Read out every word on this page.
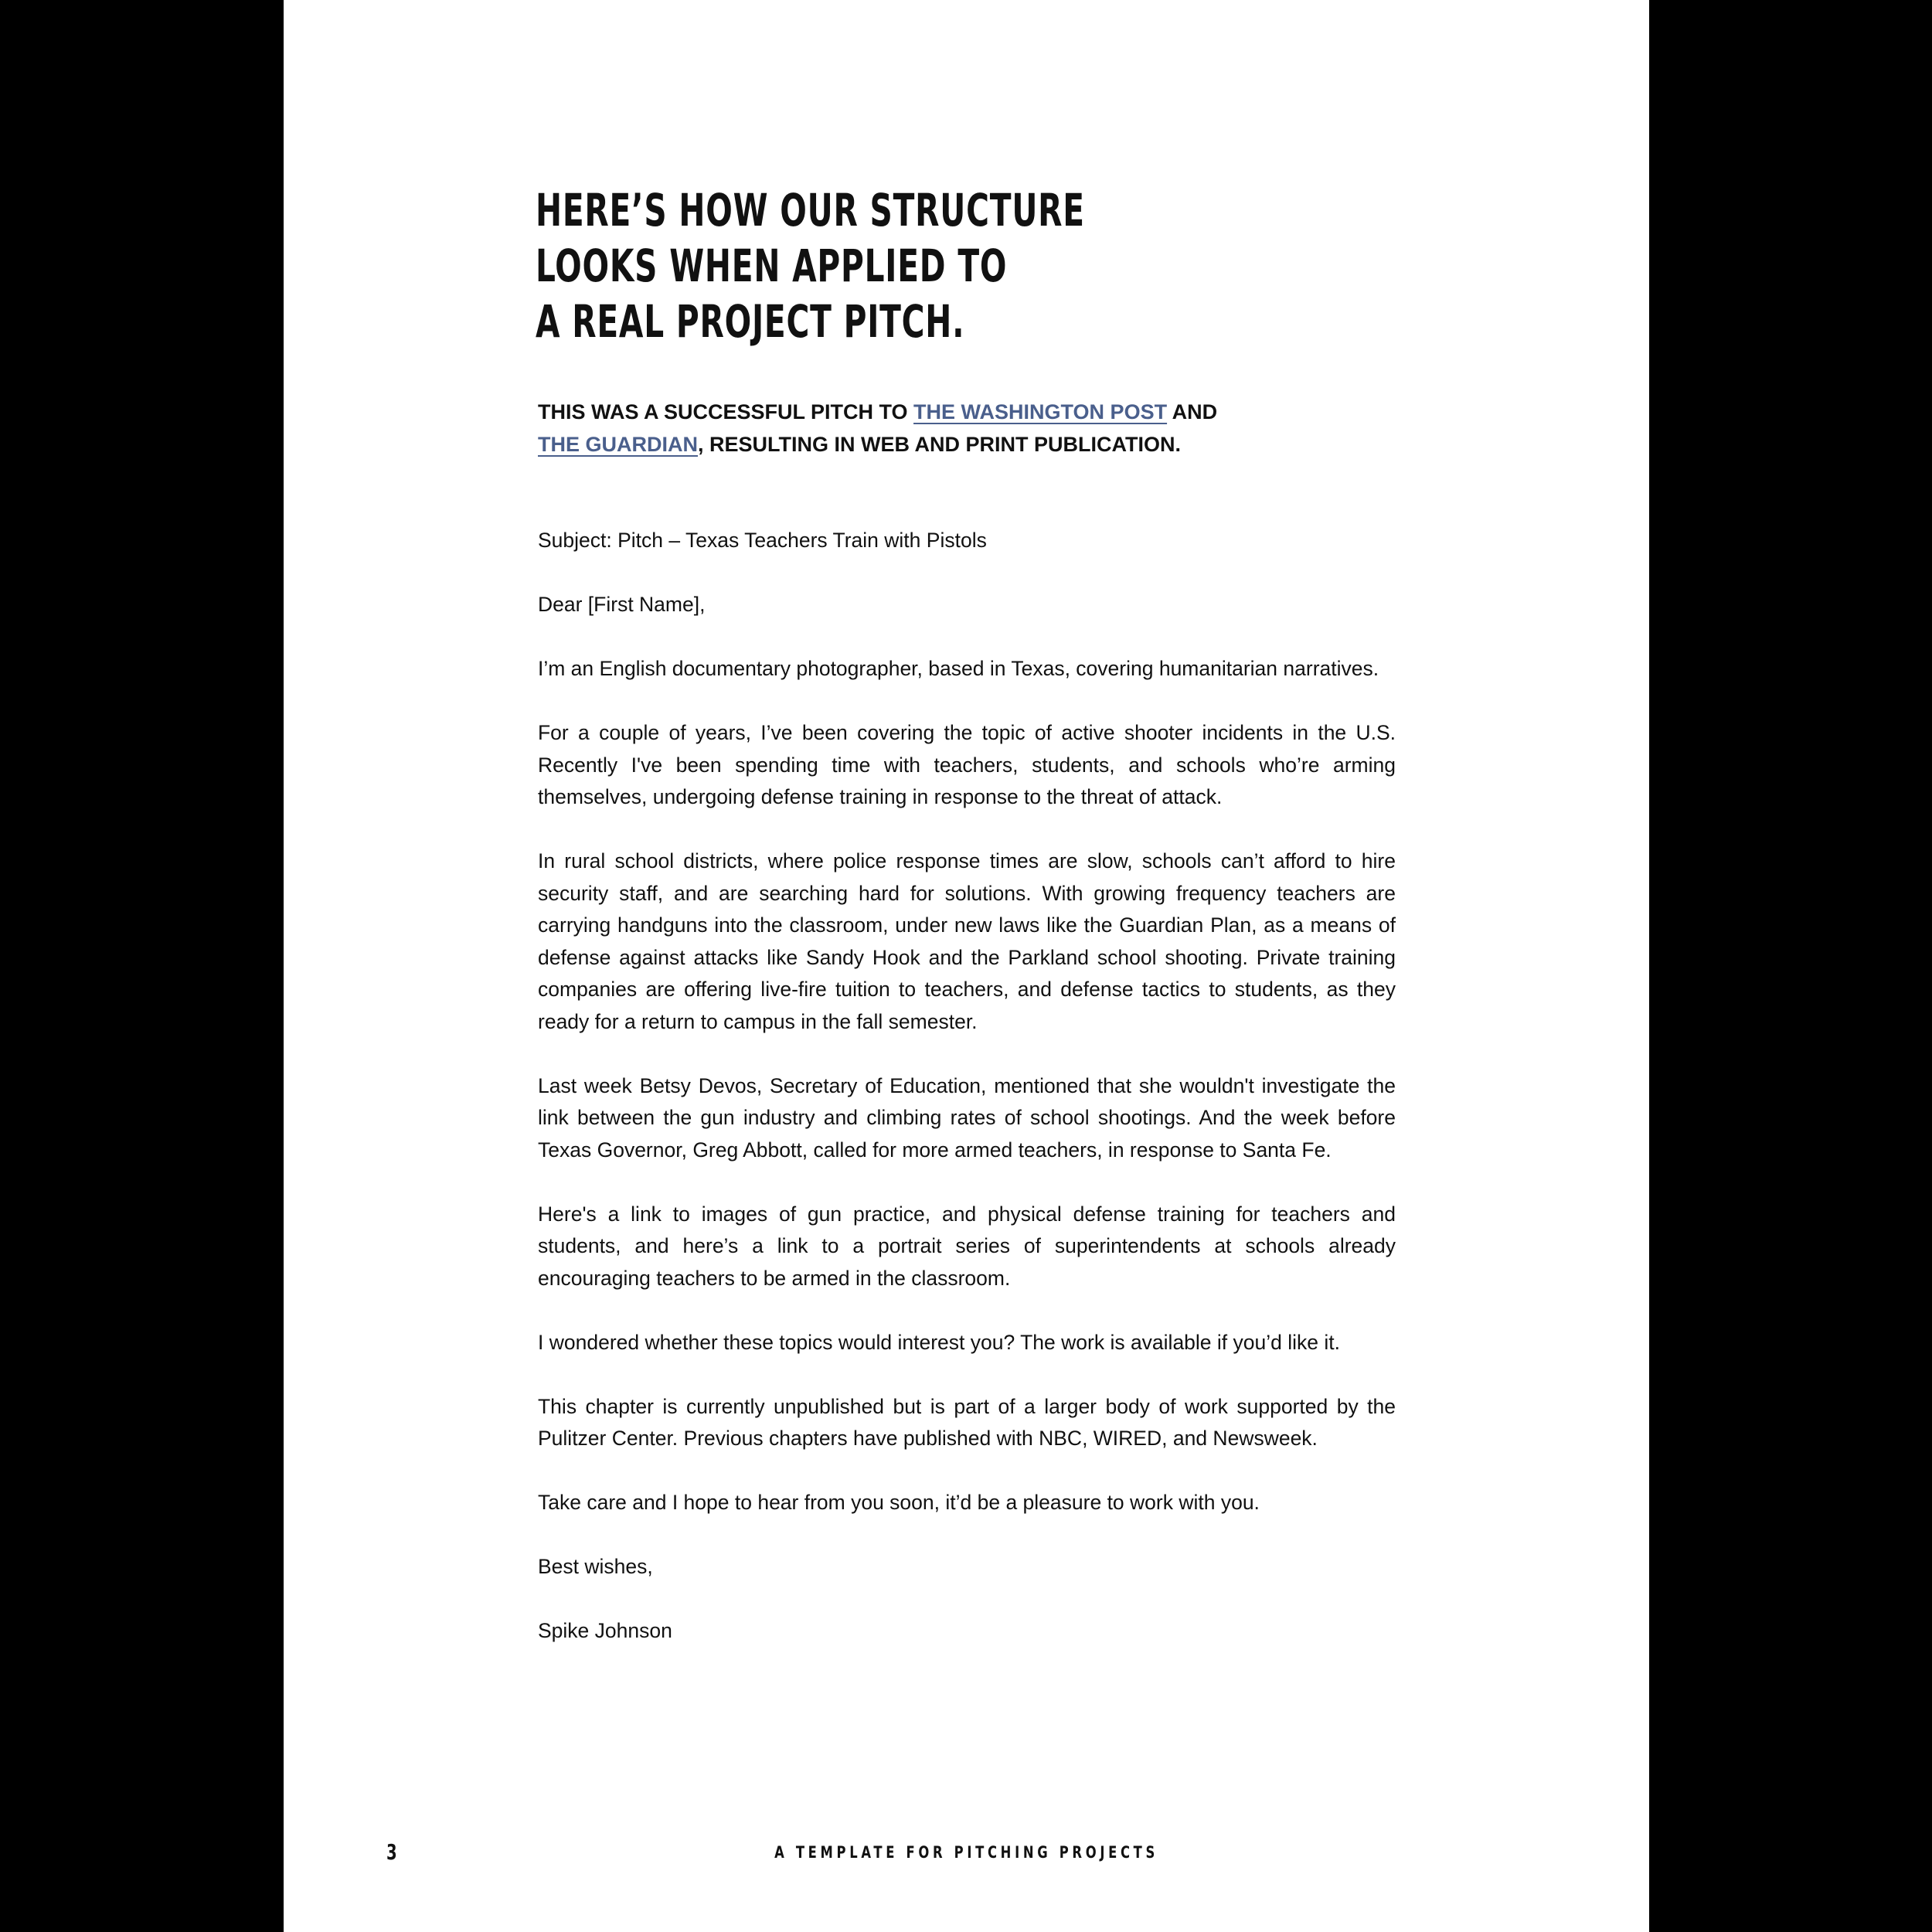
HERE’S HOW OUR STRUCTURE
LOOKS WHEN APPLIED TO
A REAL PROJECT PITCH.
THIS WAS A SUCCESSFUL PITCH TO THE WASHINGTON POST AND
THE GUARDIAN, RESULTING IN WEB AND PRINT PUBLICATION.

Subject: Pitch – Texas Teachers Train with Pistols

Dear [First Name],

I’m an English documentary photographer, based in Texas, covering humanitarian narratives.

For a couple of years, I’ve been covering the topic of active shooter incidents in the U.S. Recently I've been spending time with teachers, students, and schools who’re arming themselves, undergoing defense training in response to the threat of attack.

In rural school districts, where police response times are slow, schools can’t afford to hire security staff, and are searching hard for solutions. With growing frequency teachers are carrying handguns into the classroom, under new laws like the Guardian Plan, as a means of defense against attacks like Sandy Hook and the Parkland school shooting. Private training companies are offering live-fire tuition to teachers, and defense tactics to students, as they ready for a return to campus in the fall semester.

Last week Betsy Devos, Secretary of Education, mentioned that she wouldn't investigate the link between the gun industry and climbing rates of school shootings. And the week before Texas Governor, Greg Abbott, called for more armed teachers, in response to Santa Fe.

Here's a link to images of gun practice, and physical defense training for teachers and students, and here’s a link to a portrait series of superintendents at schools already encouraging teachers to be armed in the classroom.

I wondered whether these topics would interest you? The work is available if you’d like it.

This chapter is currently unpublished but is part of a larger body of work supported by the Pulitzer Center. Previous chapters have published with NBC, WIRED, and Newsweek.

Take care and I hope to hear from you soon, it’d be a pleasure to work with you.

Best wishes,

Spike Johnson

3	A TEMPLATE FOR PITCHING PROJECTS
